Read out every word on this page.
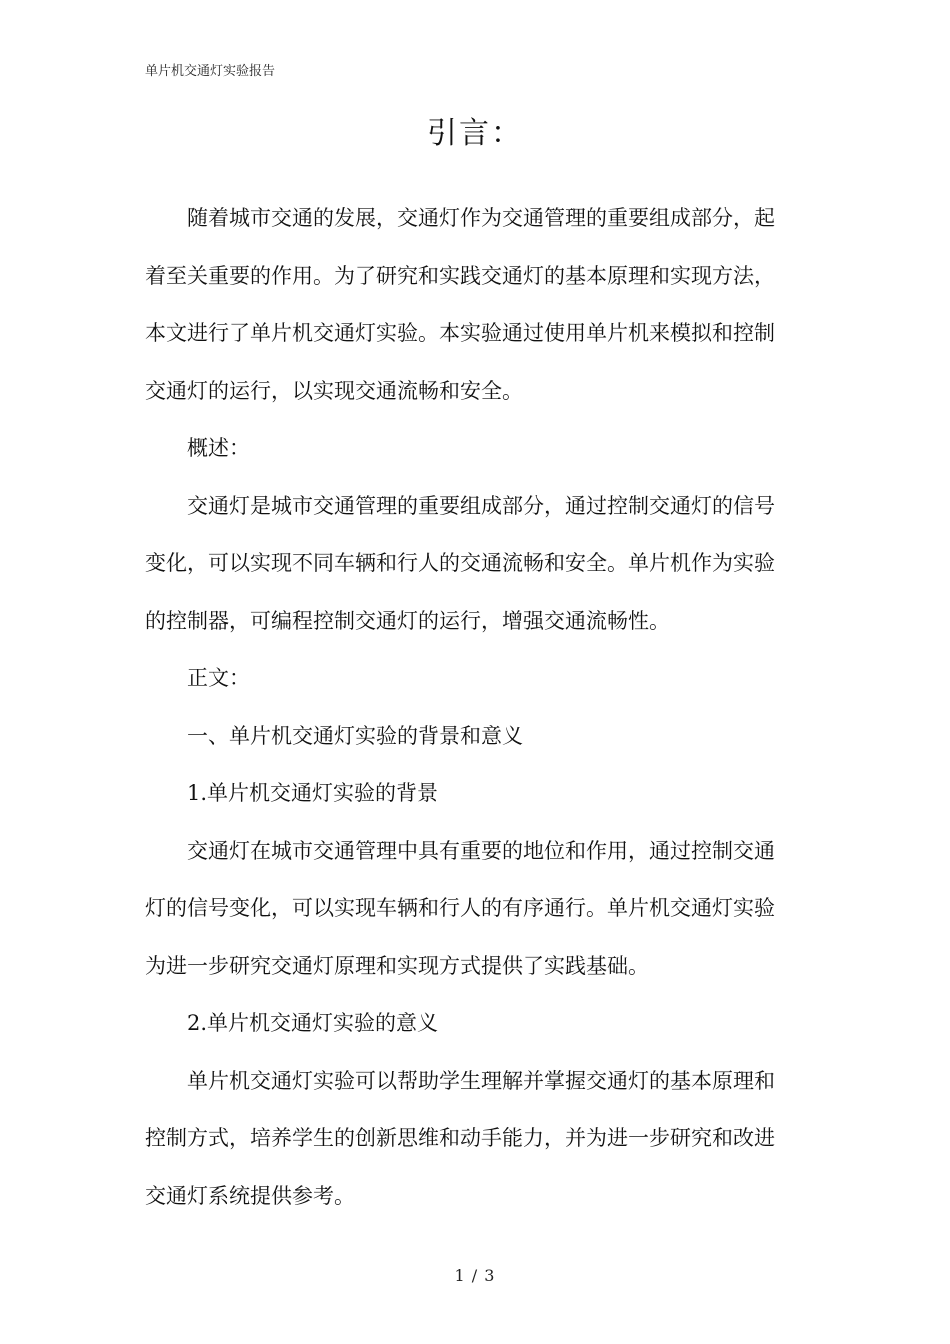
单片机交通灯实验报告
引言：

随着城市交通的发展，交通灯作为交通管理的重要组成部分，起着至关重要的作用。为了研究和实践交通灯的基本原理和实现方法，本文进行了单片机交通灯实验。本实验通过使用单片机来模拟和控制交通灯的运行，以实现交通流畅和安全。

概述：

交通灯是城市交通管理的重要组成部分，通过控制交通灯的信号变化，可以实现不同车辆和行人的交通流畅和安全。单片机作为实验的控制器，可编程控制交通灯的运行，增强交通流畅性。

正文：

一、单片机交通灯实验的背景和意义

1.单片机交通灯实验的背景

交通灯在城市交通管理中具有重要的地位和作用，通过控制交通灯的信号变化，可以实现车辆和行人的有序通行。单片机交通灯实验为进一步研究交通灯原理和实现方式提供了实践基础。

2.单片机交通灯实验的意义

单片机交通灯实验可以帮助学生理解并掌握交通灯的基本原理和控制方式，培养学生的创新思维和动手能力，并为进一步研究和改进交通灯系统提供参考。

1 / 3
